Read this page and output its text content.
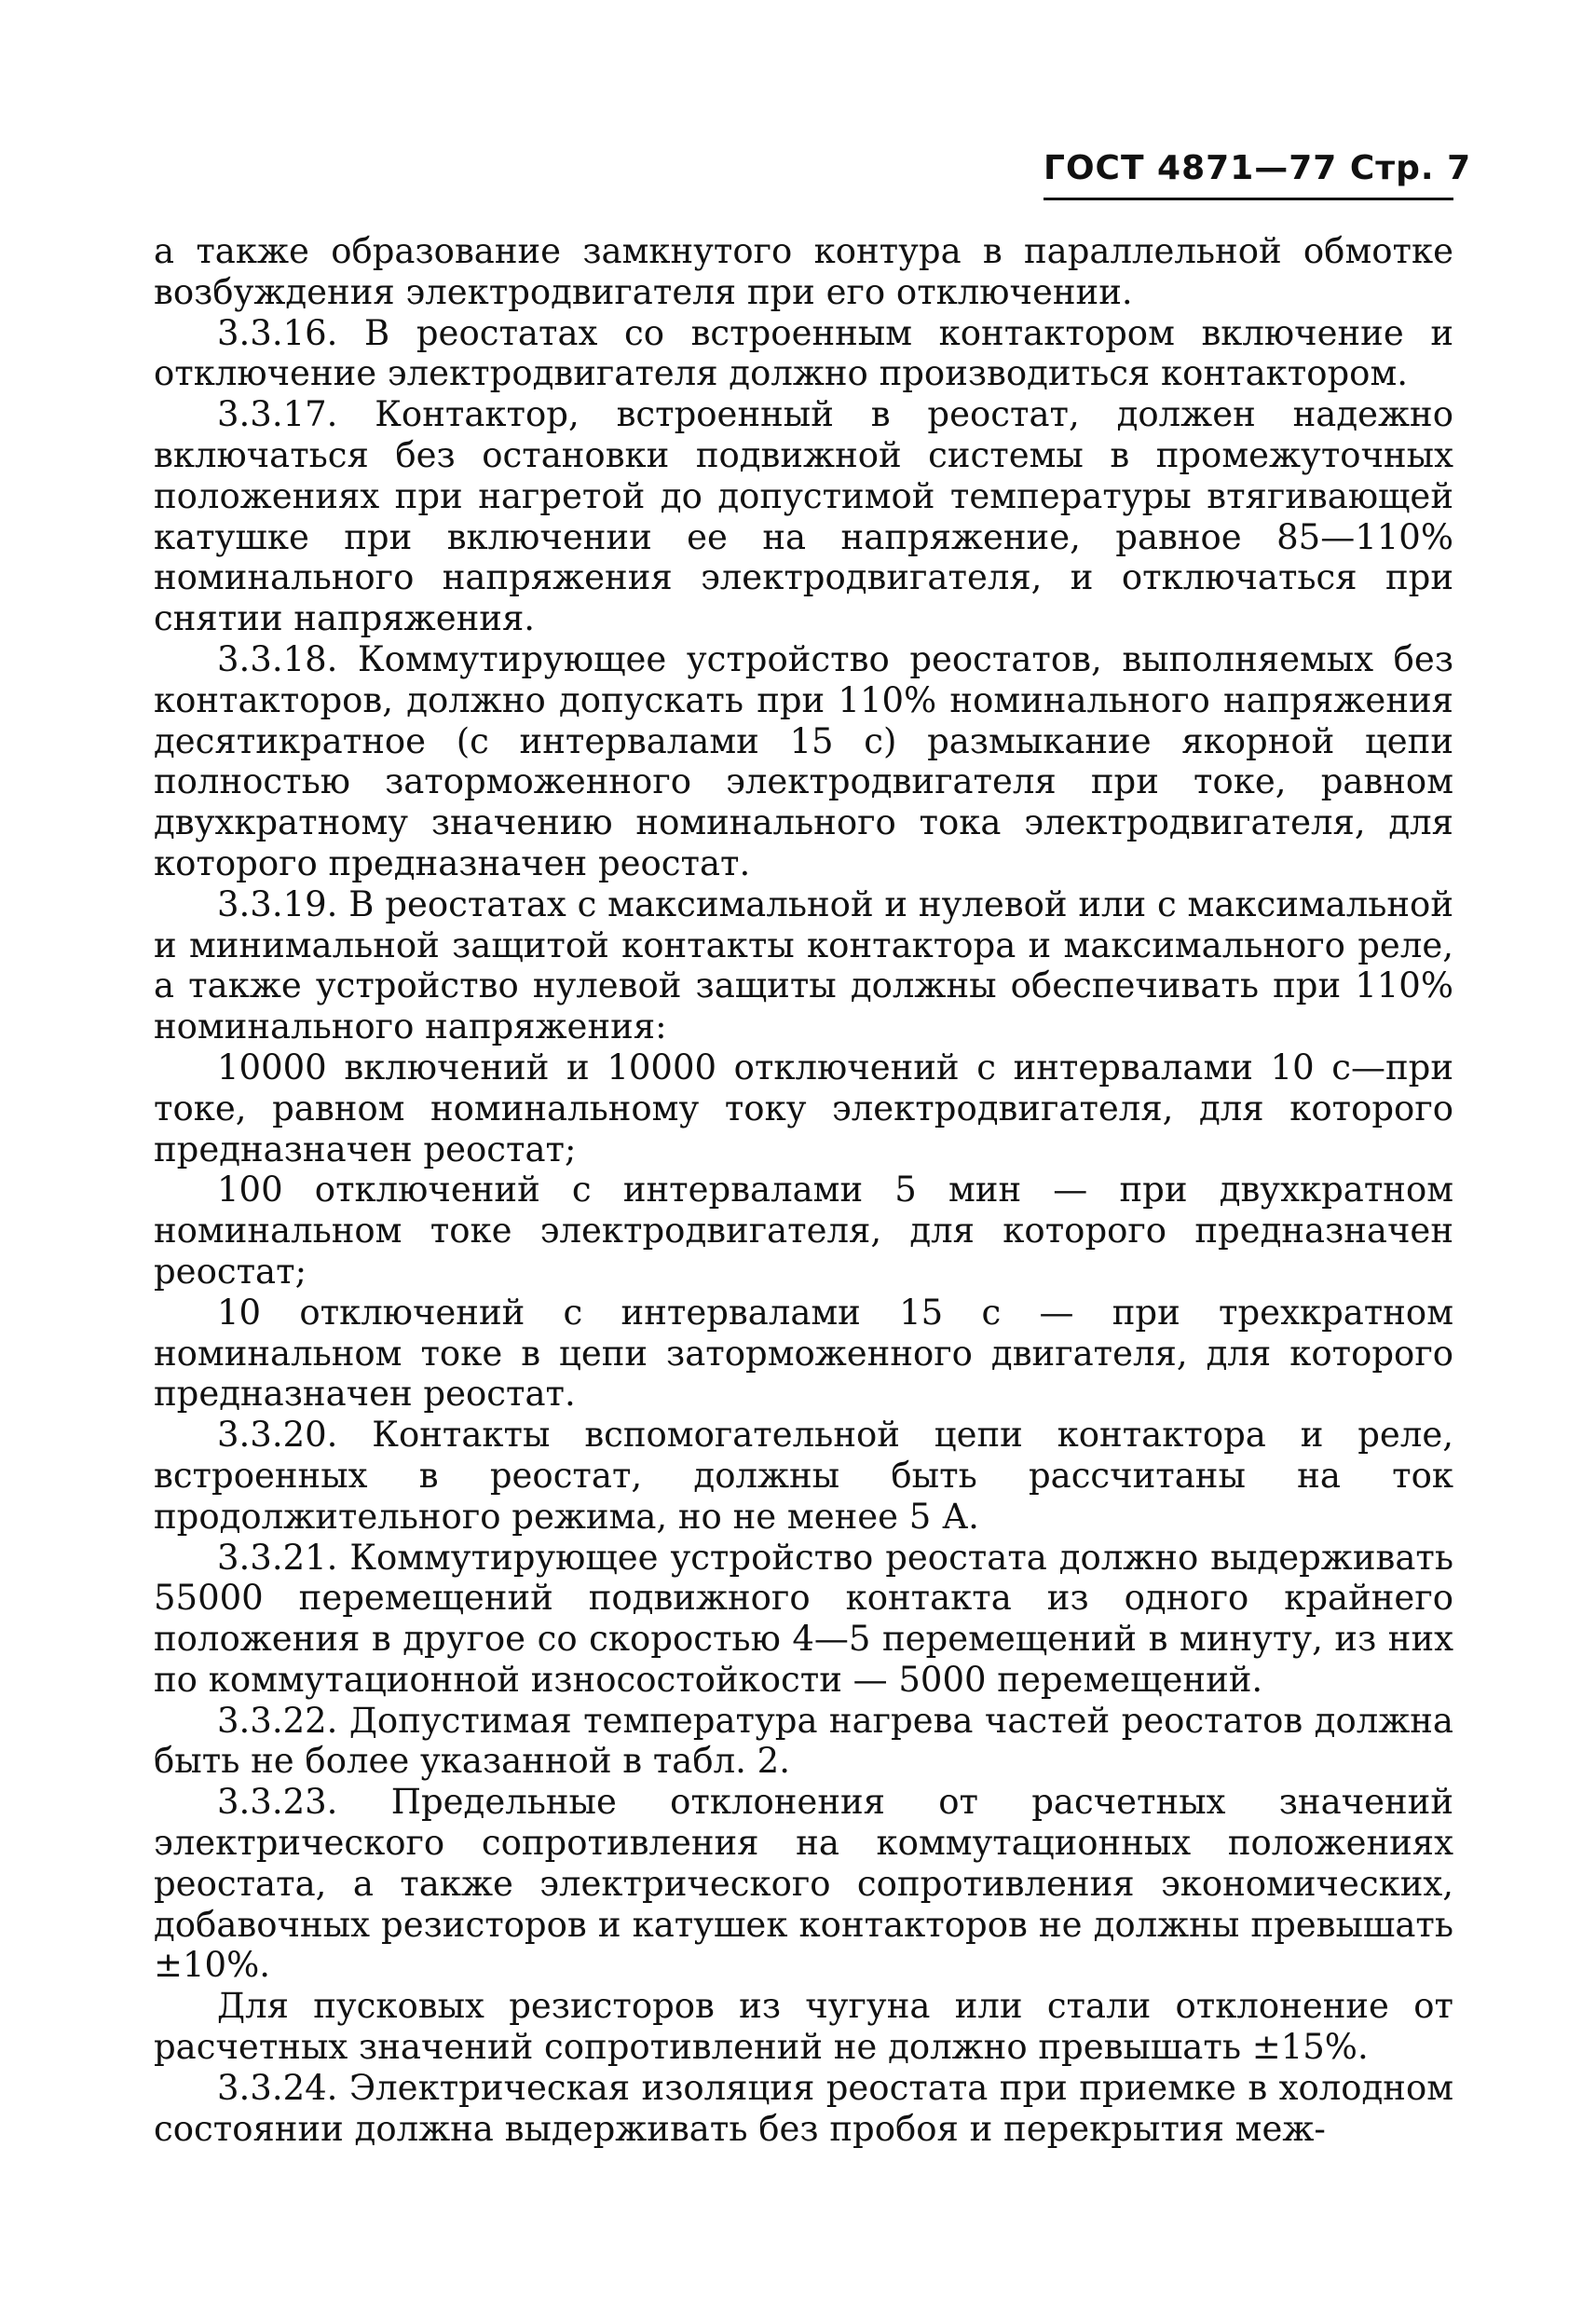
ГОСТ 4871—77 Стр. 7

а также образование замкнутого контура в параллельной обмотке возбуждения электродвигателя при его отключении.

3.3.16. В реостатах со встроенным контактором включение и отключение электродвигателя должно производиться контактором.

3.3.17. Контактор, встроенный в реостат, должен надежно включаться без остановки подвижной системы в промежуточных положениях при нагретой до допустимой температуры втягивающей катушке при включении ее на напряжение, равное 85—110% номинального напряжения электродвигателя, и отключаться при снятии напряжения.

3.3.18. Коммутирующее устройство реостатов, выполняемых без контакторов, должно допускать при 110% номинального напряжения десятикратное (с интервалами 15 с) размыкание якорной цепи полностью заторможенного электродвигателя при токе, равном двухкратному значению номинального тока электродвигателя, для которого предназначен реостат.

3.3.19. В реостатах с максимальной и нулевой или с максимальной и минимальной защитой контакты контактора и максимального реле, а также устройство нулевой защиты должны обеспечивать при 110% номинального напряжения:

10000 включений и 10000 отключений с интервалами 10 с—при токе, равном номинальному току электродвигателя, для которого предназначен реостат;

100 отключений с интервалами 5 мин — при двухкратном номинальном токе электродвигателя, для которого предназначен реостат;

10 отключений с интервалами 15 с — при трехкратном номинальном токе в цепи заторможенного двигателя, для которого предназначен реостат.

3.3.20. Контакты вспомогательной цепи контактора и реле, встроенных в реостат, должны быть рассчитаны на ток продолжительного режима, но не менее 5 А.

3.3.21. Коммутирующее устройство реостата должно выдерживать 55000 перемещений подвижного контакта из одного крайнего положения в другое со скоростью 4—5 перемещений в минуту, из них по коммутационной износостойкости — 5000 перемещений.

3.3.22. Допустимая температура нагрева частей реостатов должна быть не более указанной в табл. 2.

3.3.23. Предельные отклонения от расчетных значений электрического сопротивления на коммутационных положениях реостата, а также электрического сопротивления экономических, добавочных резисторов и катушек контакторов не должны превышать ±10%.

Для пусковых резисторов из чугуна или стали отклонение от расчетных значений сопротивлений не должно превышать ±15%.

3.3.24. Электрическая изоляция реостата при приемке в холодном состоянии должна выдерживать без пробоя и перекрытия меж-
